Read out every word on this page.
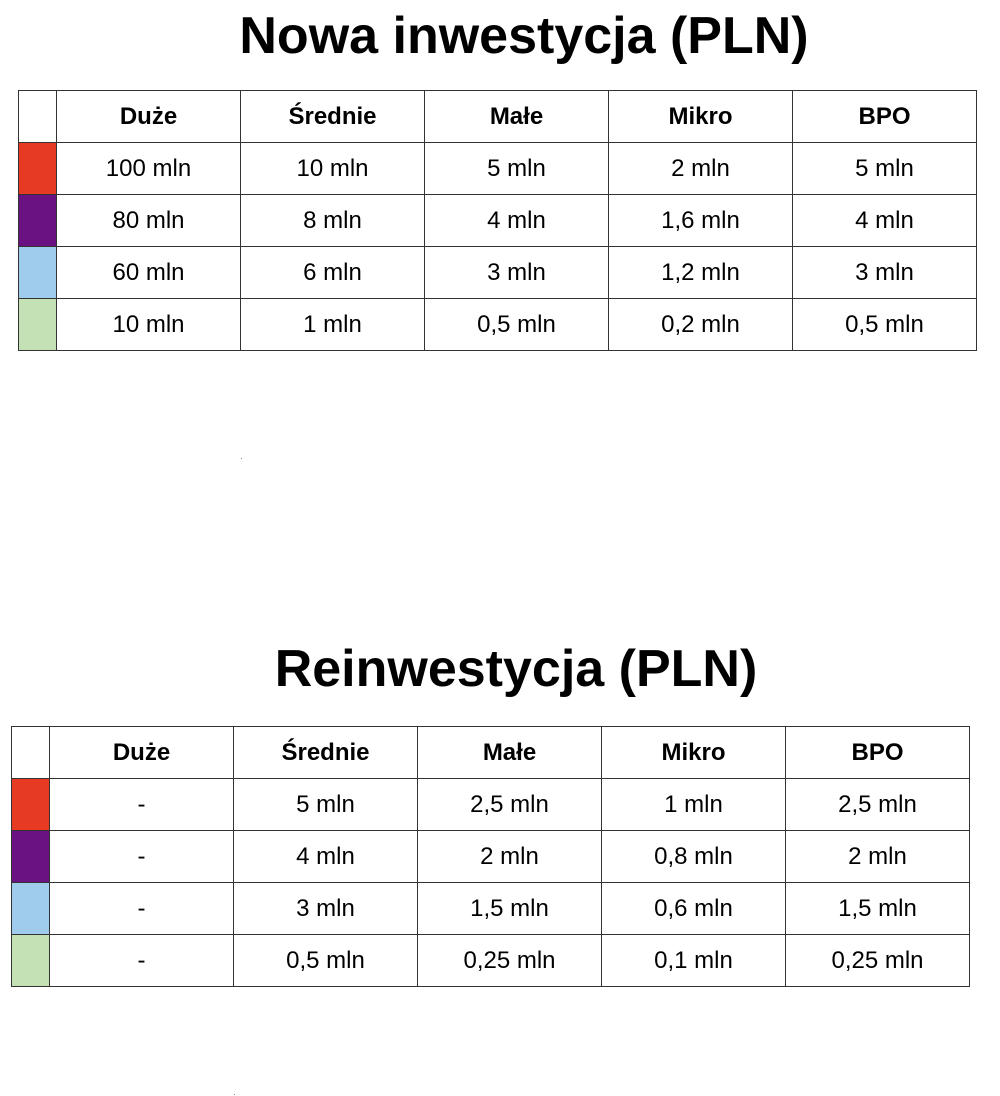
Nowa inwestycja (PLN)
	Duże	Średnie	Małe	Mikro	BPO
	100 mln	10 mln	5 mln	2 mln	5 mln
	80 mln	8 mln	4 mln	1,6 mln	4 mln
	60 mln	6 mln	3 mln	1,2 mln	3 mln
	10 mln	1 mln	0,5 mln	0,2 mln	0,5 mln
Reinwestycja (PLN)
	Duże	Średnie	Małe	Mikro	BPO
	-	5 mln	2,5 mln	1 mln	2,5 mln
	-	4 mln	2 mln	0,8 mln	2 mln
	-	3 mln	1,5 mln	0,6 mln	1,5 mln
	-	0,5 mln	0,25 mln	0,1 mln	0,25 mln
